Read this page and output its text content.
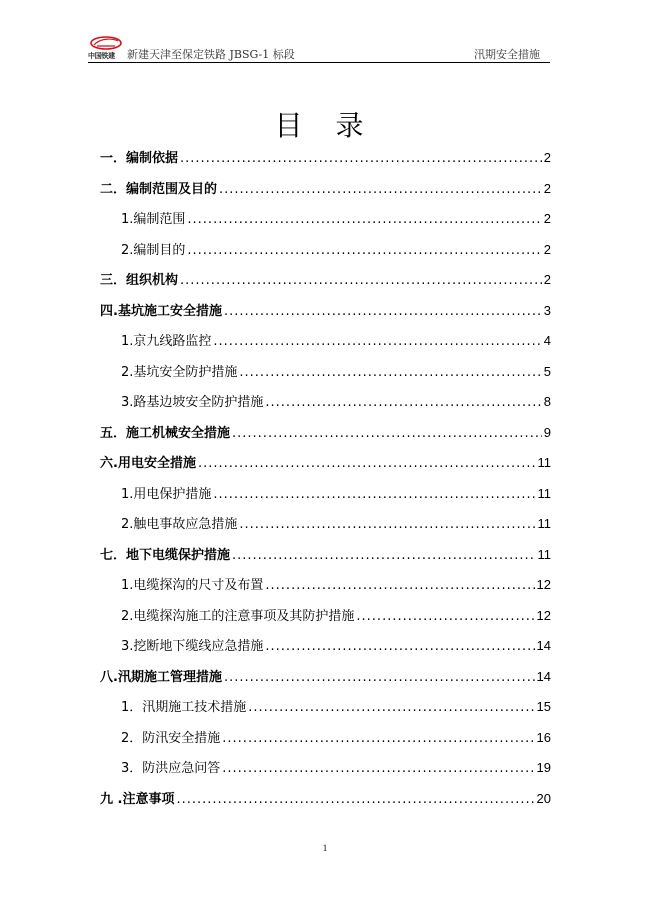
中国铁建	新建天津至保定铁路 JBSG-1 标段	汛期安全措施
目 录
一．编制依据 .....	2
二．编制范围及目的 .....	2
1.编制范围 .....	2
2.编制目的 .....	2
三．组织机构 .....	2
四.基坑施工安全措施 .....	3
1.京九线路监控 .....	4
2.基坑安全防护措施 .....	5
3.路基边坡安全防护措施 .....	8
五．施工机械安全措施 .....	9
六.用电安全措施 .....	11
1.用电保护措施 .....	11
2.触电事故应急措施 .....	11
七．地下电缆保护措施 .....	11
1.电缆探沟的尺寸及布置 .....	12
2.电缆探沟施工的注意事项及其防护措施 .....	12
3.挖断地下缆线应急措施 .....	14
八.汛期施工管理措施 .....	14
1．汛期施工技术措施 .....	15
2．防汛安全措施 .....	16
3．防洪应急问答 .....	19
九 .注意事项 .....	20
1
